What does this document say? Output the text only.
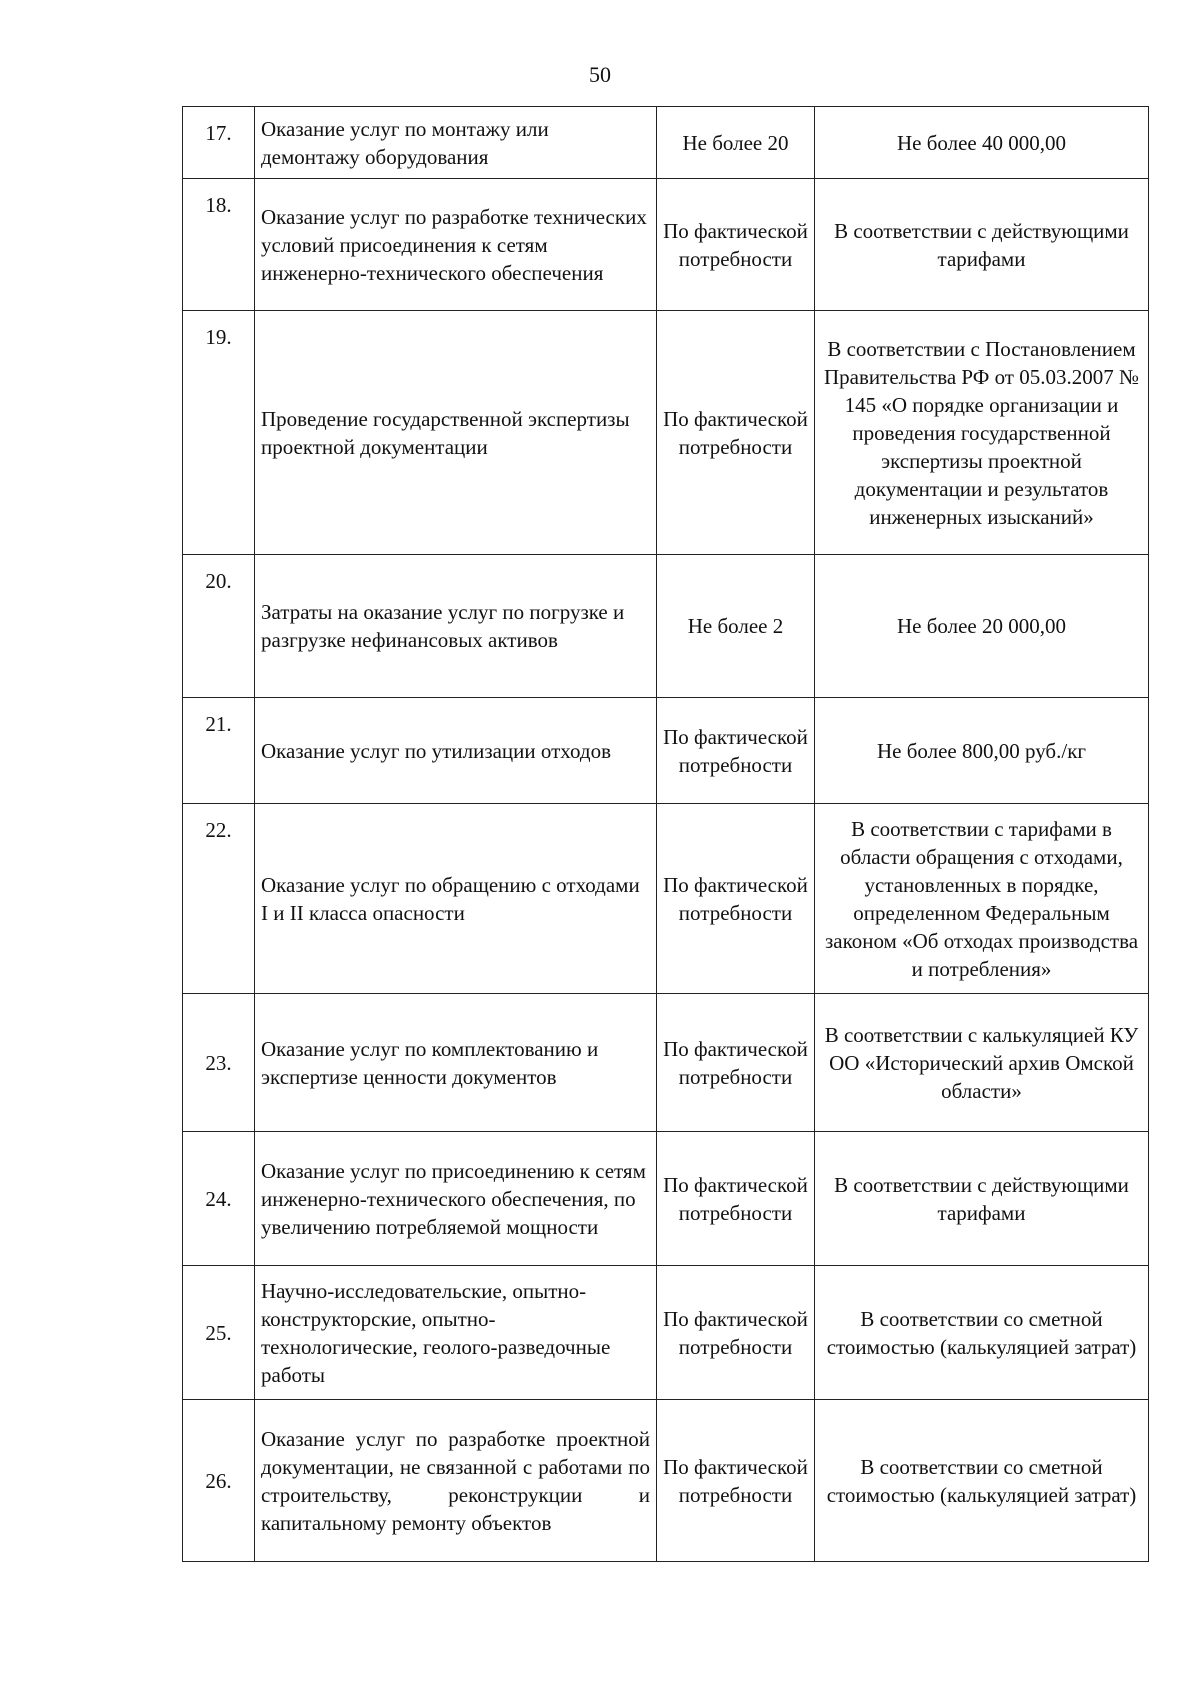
50
17.	Оказание услуг по монтажу или демонтажу оборудования	Не более 20	Не более 40 000,00
18.	Оказание услуг по разработке технических условий присоединения к сетям инженерно-технического обеспечения	По фактической потребности	В соответствии с действующими тарифами
19.	Проведение государственной экспертизы проектной документации	По фактической потребности	В соответствии с Постановлением Правительства РФ от 05.03.2007 № 145 «О порядке организации и проведения государственной экспертизы проектной документации и результатов инженерных изысканий»
20.	Затраты на оказание услуг по погрузке и разгрузке нефинансовых активов	Не более 2	Не более 20 000,00
21.	Оказание услуг по утилизации отходов	По фактической потребности	Не более 800,00 руб./кг
22.	Оказание услуг по обращению с отходами I и II класса опасности	По фактической потребности	В соответствии с тарифами в области обращения с отходами, установленных в порядке, определенном Федеральным законом «Об отходах производства и потребления»
23.	Оказание услуг по комплектованию и экспертизе ценности документов	По фактической потребности	В соответствии с калькуляцией КУ ОО «Исторический архив Омской области»
24.	Оказание услуг по присоединению к сетям инженерно-технического обеспечения, по увеличению потребляемой мощности	По фактической потребности	В соответствии с действующими тарифами
25.	Научно-исследовательские, опытно-конструкторские, опытно-технологические, геолого-разведочные работы	По фактической потребности	В соответствии со сметной стоимостью (калькуляцией затрат)
26.	Оказание услуг по разработке проектной документации, не связанной с работами по строительству, реконструкции и капитальному ремонту объектов	По фактической потребности	В соответствии со сметной стоимостью (калькуляцией затрат)
